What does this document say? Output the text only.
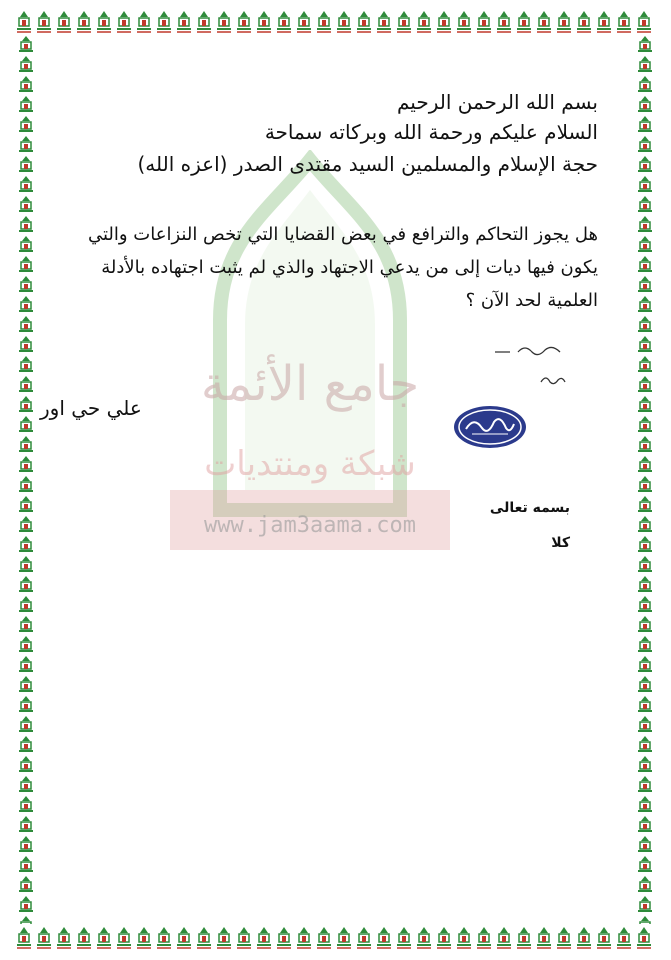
جامع الأئمة
شبكة ومنتديات
www.jam3aama.com
بسم الله الرحمن الرحيم
السلام عليكم ورحمة الله وبركاته سماحة
حجة الإسلام والمسلمين السيد مقتدى الصدر (اعزه الله)
هل يجوز التحاكم والترافع في بعض القضايا التي تخص النزاعات والتي يكون فيها ديات إلى من يدعي الاجتهاد والذي لم يثبت اجتهاده بالأدلة العلمية لحد الآن ؟
علي حي اور
بسمه تعالى
كلا
